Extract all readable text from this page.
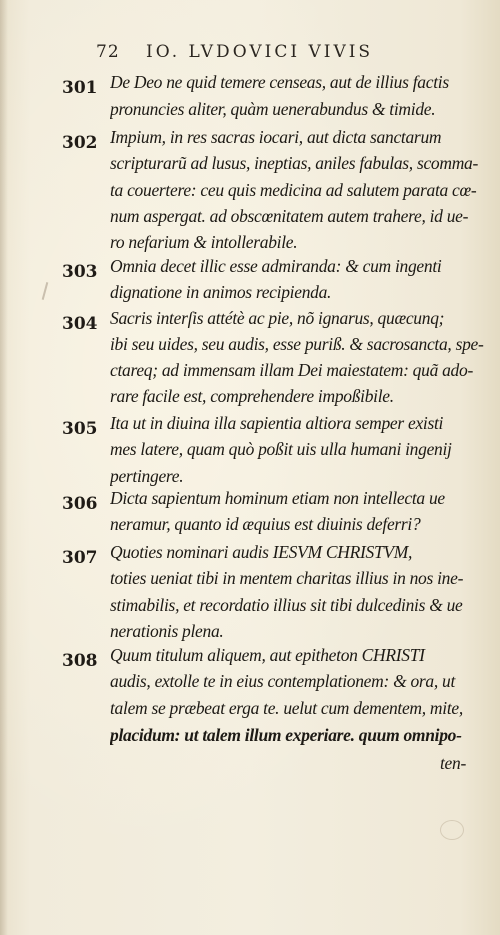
72 IO. LVDOVICI VIVIS
301 De Deo ne quid temere censeas, aut de illius factis
pronuncies aliter, quàm uenerabundus & timide.
302 Impium, in res sacras iocari, aut dicta sanctarum
scripturarũ ad lusus, ineptias, aniles fabulas, scomma-
ta couertere: ceu quis medicina ad salutem parata cœ-
num aspergat. ad obscœnitatem autem trahere, id ue-
ro nefarium & intollerabile.
303 Omnia decet illic esse admiranda: & cum ingenti
dignatione in animos recipienda.
304 Sacris interſis attétè ac pie, nõ ignarus, quæcunq;
ibi seu uides, seu audis, esse puriß. & sacrosancta, spe-
ctareq; ad immensam illam Dei maiestatem: quã ado-
rare facile est, comprehendere impoßibile.
305 Ita ut in diuina illa sapientia altiora semper existi
mes latere, quam quò poßit uis ulla humani ingenij
pertingere.
306 Dicta sapientum hominum etiam non intellecta ue
neramur, quanto id æquius est diuinis deferri?
307 Quoties nominari audis IESVM CHRISTVM,
toties ueniat tibi in mentem charitas illius in nos ine-
stimabilis, et recordatio illius sit tibi dulcedinis & ue
nerationis plena.
308 Quum titulum aliquem, aut epitheton CHRISTI
audis, extolle te in eius contemplationem: & ora, ut
talem se præbeat erga te. uelut cum dementem, mite,
placidum: ut talem illum experiare. quum omnipo-
ten-
